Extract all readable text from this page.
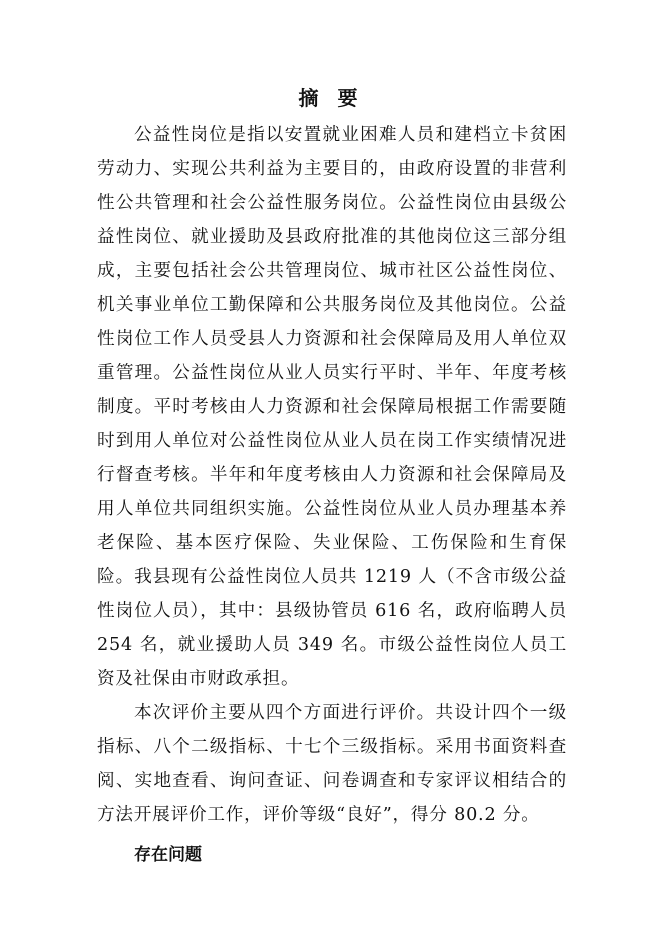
摘 要

公益性岗位是指以安置就业困难人员和建档立卡贫困劳动力、实现公共利益为主要目的，由政府设置的非营利性公共管理和社会公益性服务岗位。公益性岗位由县级公益性岗位、就业援助及县政府批准的其他岗位这三部分组成，主要包括社会公共管理岗位、城市社区公益性岗位、机关事业单位工勤保障和公共服务岗位及其他岗位。公益性岗位工作人员受县人力资源和社会保障局及用人单位双重管理。公益性岗位从业人员实行平时、半年、年度考核制度。平时考核由人力资源和社会保障局根据工作需要随时到用人单位对公益性岗位从业人员在岗工作实绩情况进行督查考核。半年和年度考核由人力资源和社会保障局及用人单位共同组织实施。公益性岗位从业人员办理基本养老保险、基本医疗保险、失业保险、工伤保险和生育保险。我县现有公益性岗位人员共 1219 人（不含市级公益性岗位人员），其中：县级协管员 616 名，政府临聘人员 254 名，就业援助人员 349 名。市级公益性岗位人员工资及社保由市财政承担。

本次评价主要从四个方面进行评价。共设计四个一级指标、八个二级指标、十七个三级指标。采用书面资料查阅、实地查看、询问查证、问卷调查和专家评议相结合的方法开展评价工作，评价等级“良好”，得分 80.2 分。

存在问题
